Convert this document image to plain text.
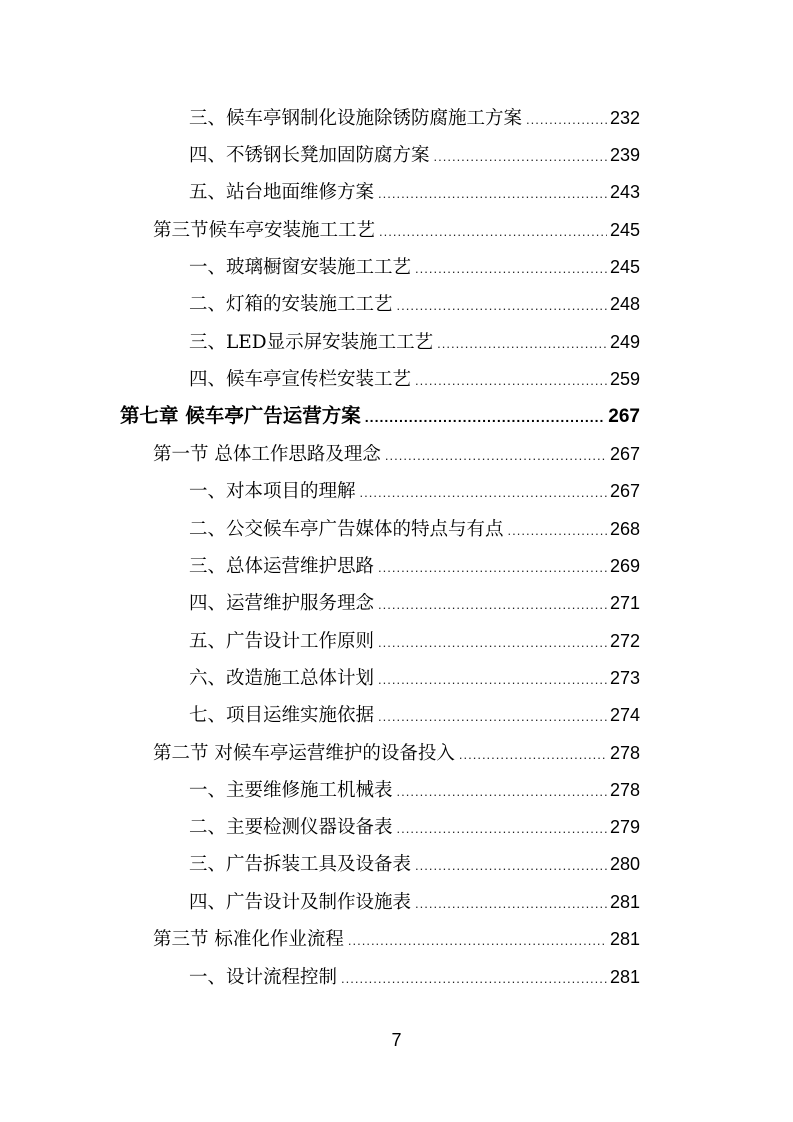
三、候车亭钢制化设施除锈防腐施工方案 .....	232
四、不锈钢长凳加固防腐方案 .....	239
五、站台地面维修方案 .....	243
第三节候车亭安装施工工艺 .....	245
一、玻璃橱窗安装施工工艺 .....	245
二、灯箱的安装施工工艺 .....	248
三、LED显示屏安装施工工艺 .....	249
四、候车亭宣传栏安装工艺 .....	259
第七章 候车亭广告运营方案 .....	267
第一节 总体工作思路及理念 .....	267
一、对本项目的理解 .....	267
二、公交候车亭广告媒体的特点与有点 .....	268
三、总体运营维护思路 .....	269
四、运营维护服务理念 .....	271
五、广告设计工作原则 .....	272
六、改造施工总体计划 .....	273
七、项目运维实施依据 .....	274
第二节 对候车亭运营维护的设备投入 .....	278
一、主要维修施工机械表 .....	278
二、主要检测仪器设备表 .....	279
三、广告拆装工具及设备表 .....	280
四、广告设计及制作设施表 .....	281
第三节 标准化作业流程 .....	281
一、设计流程控制 .....	281
7
